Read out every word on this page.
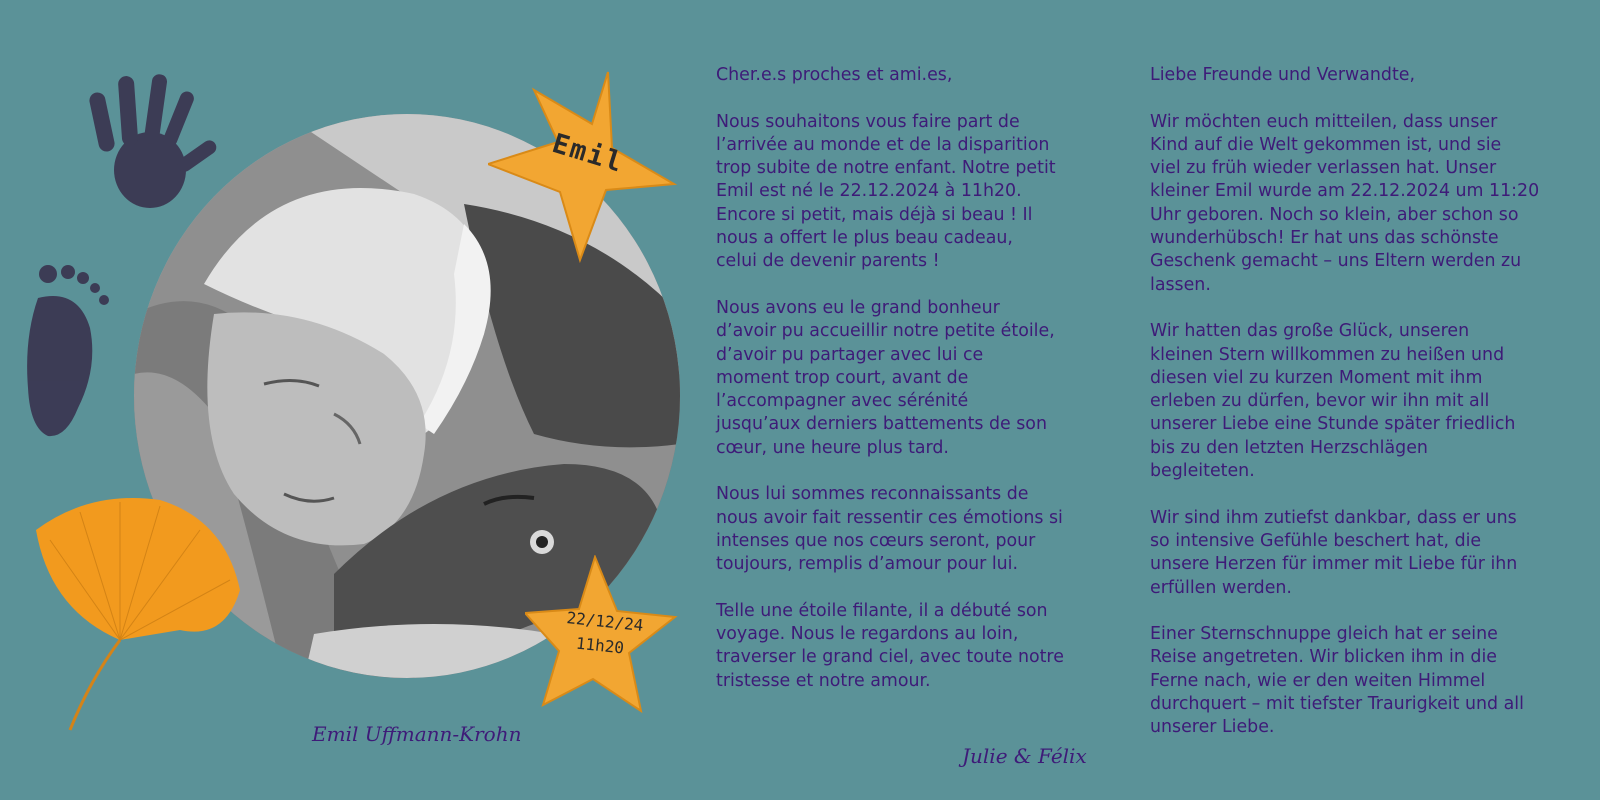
Emil
22/12/24
11h20
Emil Uffmann-Krohn

Cher.e.s proches et ami.es,

Nous souhaitons vous faire part de
l’arrivée au monde et de la disparition
trop subite de notre enfant. Notre petit
Emil est né le 22.12.2024 à 11h20.
Encore si petit, mais déjà si beau ! Il
nous a offert le plus beau cadeau,
celui de devenir parents !

Nous avons eu le grand bonheur
d’avoir pu accueillir notre petite étoile,
d’avoir pu partager avec lui ce
moment trop court, avant de
l’accompagner avec sérénité
jusqu’aux derniers battements de son
cœur, une heure plus tard.

Nous lui sommes reconnaissants de
nous avoir fait ressentir ces émotions si
intenses que nos cœurs seront, pour
toujours, remplis d’amour pour lui.

Telle une étoile filante, il a débuté son
voyage. Nous le regardons au loin,
traverser le grand ciel, avec toute notre
tristesse et notre amour.

Julie & Félix

Liebe Freunde und Verwandte,

Wir möchten euch mitteilen, dass unser
Kind auf die Welt gekommen ist, und sie
viel zu früh wieder verlassen hat. Unser
kleiner Emil wurde am 22.12.2024 um 11:20
Uhr geboren. Noch so klein, aber schon so
wunderhübsch! Er hat uns das schönste
Geschenk gemacht – uns Eltern werden zu
lassen.

Wir hatten das große Glück, unseren
kleinen Stern willkommen zu heißen und
diesen viel zu kurzen Moment mit ihm
erleben zu dürfen, bevor wir ihn mit all
unserer Liebe eine Stunde später friedlich
bis zu den letzten Herzschlägen
begleiteten.

Wir sind ihm zutiefst dankbar, dass er uns
so intensive Gefühle beschert hat, die
unsere Herzen für immer mit Liebe für ihn
erfüllen werden.

Einer Sternschnuppe gleich hat er seine
Reise angetreten. Wir blicken ihm in die
Ferne nach, wie er den weiten Himmel
durchquert – mit tiefster Traurigkeit und all
unserer Liebe.
